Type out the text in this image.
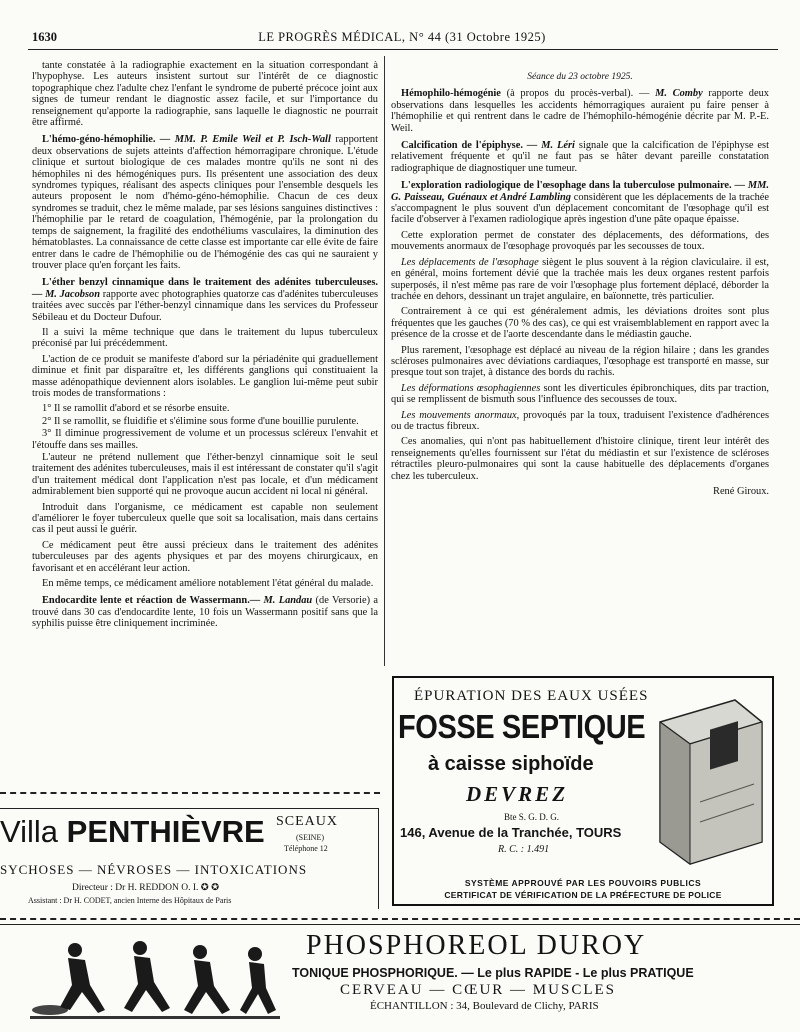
1630	LE PROGRÈS MÉDICAL, N° 44 (31 Octobre 1925)

tante constatée à la radiographie exactement en la situation correspondant à l'hypophyse. Les auteurs insistent surtout sur l'intérêt de ce diagnostic topographique chez l'adulte chez l'enfant le syndrome de puberté précoce joint aux signes de tumeur rendant le diagnostic assez facile, et sur l'importance du renseignement qu'apporte la radiographie, sans laquelle le diagnostic ne pourrait être affirmé.

L'hémo-géno-hémophilie. — MM. P. Emile Weil et P. Isch-Wall rapportent deux observations de sujets atteints d'affection hémorragipare chronique. L'étude clinique et surtout biologique de ces malades montre qu'ils ne sont ni des hémophiles ni des hémogéniques purs. Ils présentent une association des deux syndromes typiques, réalisant des aspects cliniques pour l'ensemble desquels les auteurs proposent le nom d'hémo-géno-hémophilie. Chacun de ces deux syndromes se traduit, chez le même malade, par ses lésions sanguines distinctives : l'hémophilie par le retard de coagulation, l'hémogénie, par la prolongation du temps de saignement, la fragilité des endothéliums vasculaires, la diminution des hématoblastes. La connaissance de cette classe est importante car elle évite de faire entrer dans le cadre de l'hémophilie ou de l'hémogénie des cas qui ne sauraient y trouver place qu'en forçant les faits.

L'éther benzyl cinnamique dans le traitement des adénites tuberculeuses. — M. Jacobson rapporte avec photographies quatorze cas d'adénites tuberculeuses traitées avec succès par l'éther-benzyl cinnamique dans les services du Professeur Sébileau et du Docteur Dufour.

Il a suivi la même technique que dans le traitement du lupus tuberculeux préconisé par lui précédemment.

L'action de ce produit se manifeste d'abord sur la périadénite qui graduellement diminue et finit par disparaître et, les différents ganglions qui constituaient la masse adénopathique deviennent alors isolables. Le ganglion lui-même peut subir trois modes de transformations :

1° Il se ramollit d'abord et se résorbe ensuite.

2° Il se ramollit, se fluidifie et s'élimine sous forme d'une bouillie purulente.

3° Il diminue progressivement de volume et un processus scléreux l'envahit et l'étouffe dans ses mailles.

L'auteur ne prétend nullement que l'éther-benzyl cinnamique soit le seul traitement des adénites tuberculeuses, mais il est intéressant de constater qu'il s'agit d'un traitement médical dont l'application n'est pas locale, et d'un médicament admirablement bien supporté qui ne provoque aucun accident ni local ni général.

Introduit dans l'organisme, ce médicament est capable non seulement d'améliorer le foyer tuberculeux quelle que soit sa localisation, mais dans certains cas il peut aussi le guérir.

Ce médicament peut être aussi précieux dans le traitement des adénites tuberculeuses par des agents physiques et par des moyens chirurgicaux, en favorisant et en accélérant leur action.

En même temps, ce médicament améliore notablement l'état général du malade.

Endocardite lente et réaction de Wassermann.— M. Landau (de Versorie) a trouvé dans 30 cas d'endocardite lente, 10 fois un Wassermann positif sans que la syphilis puisse être cliniquement incriminée.

Séance du 23 octobre 1925.

Hémophilo-hémogénie (à propos du procès-verbal). — M. Comby rapporte deux observations dans lesquelles les accidents hémorragiques auraient pu faire penser à l'hémophilie et qui rentrent dans le cadre de l'hémophilo-hémogénie décrite par M. P.-E. Weil.

Calcification de l'épiphyse. — M. Léri signale que la calcification de l'épiphyse est relativement fréquente et qu'il ne faut pas se hâter devant pareille constatation radiographique de diagnostiquer une tumeur.

L'exploration radiologique de l'œsophage dans la tuberculose pulmonaire. — MM. G. Paisseau, Guénaux et André Lambling considèrent que les déplacements de la trachée s'accompagnent le plus souvent d'un déplacement concomitant de l'œsophage qu'il est facile d'observer à l'examen radiologique après ingestion d'une pâte opaque épaisse.

Cette exploration permet de constater des déplacements, des déformations, des mouvements anormaux de l'œsophage provoqués par les secousses de toux.

Les déplacements de l'œsophage siègent le plus souvent à la région claviculaire. il est, en général, moins fortement dévié que la trachée mais les deux organes restent parfois superposés, il n'est même pas rare de voir l'œsophage plus fortement déplacé, déborder la trachée en dehors, dessinant un trajet angulaire, en baïonnette, très particulier.

Contrairement à ce qui est généralement admis, les déviations droites sont plus fréquentes que les gauches (70 % des cas), ce qui est vraisemblablement en rapport avec la présence de la crosse et de l'aorte descendante dans le médiastin gauche.

Plus rarement, l'œsophage est déplacé au niveau de la région hilaire ; dans les grandes scléroses pulmonaires avec déviations cardiaques, l'œsophage est transporté en masse, sur presque tout son trajet, à distance des bords du rachis.

Les déformations œsophagiennes sont les diverticules épibronchiques, dits par traction, qui se remplissent de bismuth sous l'influence des secousses de toux.

Les mouvements anormaux, provoqués par la toux, traduisent l'existence d'adhérences ou de tractus fibreux.

Ces anomalies, qui n'ont pas habituellement d'histoire clinique, tirent leur intérêt des renseignements qu'elles fournissent sur l'état du médiastin et sur l'existence de scléroses rétractiles pleuro-pulmonaires qui sont la cause habituelle des déplacements d'organes chez les tuberculeux.

René Giroux.

ÉPURATION DES EAUX USÉES
FOSSE SEPTIQUE
à caisse siphoïde
DEVREZ
Bte S. G. D. G.
146, Avenue de la Tranchée, TOURS
R. C. : 1.491
SYSTÈME APPROUVÉ PAR LES POUVOIRS PUBLICS
CERTIFICAT DE VÉRIFICATION DE LA PRÉFECTURE DE POLICE
Villa PENTHIÈVRE SCEAUX
(SEINE)
Téléphone 12
SYCHOSES — NÉVROSES — INTOXICATIONS
Directeur : Dr H. REDDON O. I. ✪ ✪
Assistant : Dr H. CODET, ancien Interne des Hôpitaux de Paris
PHOSPHOREOL DUROY
TONIQUE PHOSPHORIQUE. — Le plus RAPIDE - Le plus PRATIQUE
CERVEAU — CŒUR — MUSCLES
ÉCHANTILLON : 34, Boulevard de Clichy, PARIS
